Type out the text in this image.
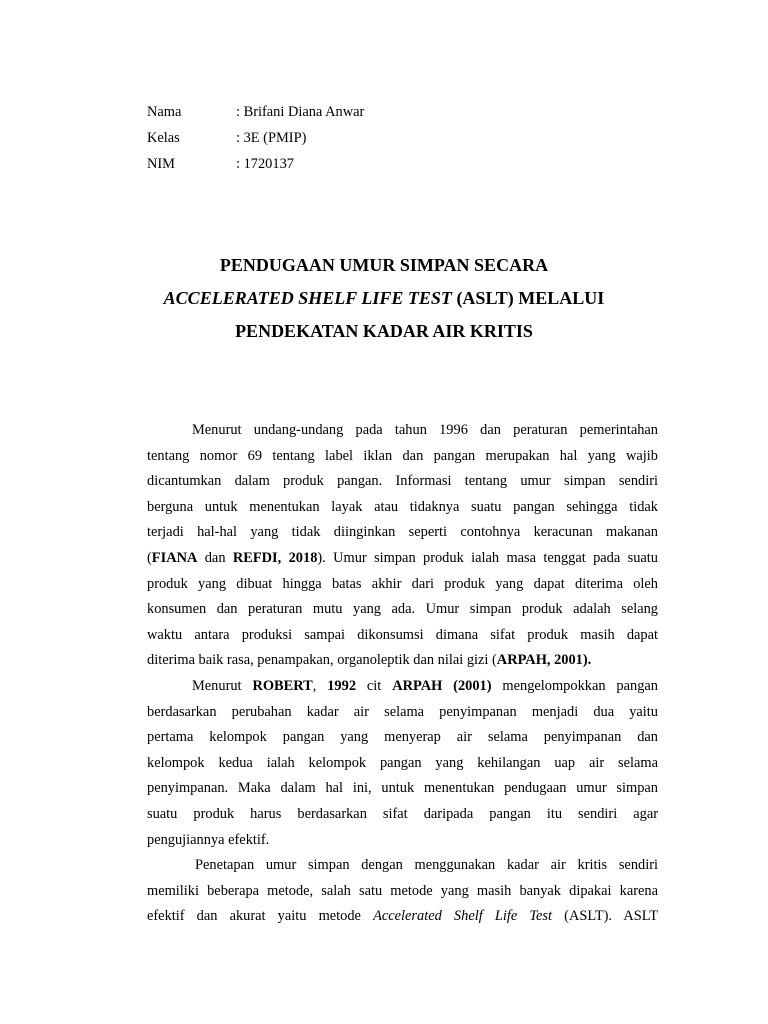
Nama	: Brifani Diana Anwar
Kelas	: 3E (PMIP)
NIM	: 1720137
PENDUGAAN UMUR SIMPAN SECARA
ACCELERATED SHELF LIFE TEST (ASLT) MELALUI
PENDEKATAN KADAR AIR KRITIS
Menurut undang-undang pada tahun 1996 dan peraturan pemerintahan
tentang nomor 69 tentang label iklan dan pangan merupakan hal yang wajib
dicantumkan dalam produk pangan. Informasi tentang umur simpan sendiri
berguna untuk menentukan layak atau tidaknya suatu pangan sehingga tidak
terjadi hal-hal yang tidak diinginkan seperti contohnya keracunan makanan
(FIANA dan REFDI, 2018). Umur simpan produk ialah masa tenggat pada suatu
produk yang dibuat hingga batas akhir dari produk yang dapat diterima oleh
konsumen dan peraturan mutu yang ada. Umur simpan produk adalah selang
waktu antara produksi sampai dikonsumsi dimana sifat produk masih dapat
diterima baik rasa, penampakan, organoleptik dan nilai gizi (ARPAH, 2001).
Menurut ROBERT, 1992 cit ARPAH (2001) mengelompokkan pangan
berdasarkan perubahan kadar air selama penyimpanan menjadi dua yaitu
pertama kelompok pangan yang menyerap air selama penyimpanan dan
kelompok kedua ialah kelompok pangan yang kehilangan uap air selama
penyimpanan. Maka dalam hal ini, untuk menentukan pendugaan umur simpan
suatu produk harus berdasarkan sifat daripada pangan itu sendiri agar
pengujiannya efektif.
Penetapan umur simpan dengan menggunakan kadar air kritis sendiri
memiliki beberapa metode, salah satu metode yang masih banyak dipakai karena
efektif dan akurat yaitu metode Accelerated Shelf Life Test (ASLT). ASLT
